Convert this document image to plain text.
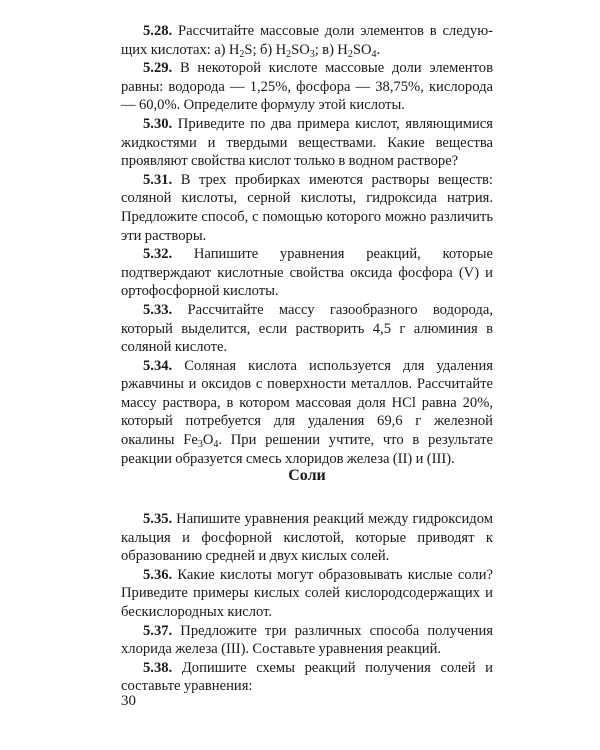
5.28. Рассчитайте массовые доли элементов в следую-щих кислотах: а) $H_2S$; б) $H_2SO_3$; в) $H_2SO_4$.

5.29. В некоторой кислоте массовые доли элементов равны: водорода — 1,25%, фосфора — 38,75%, кислорода — 60,0%. Определите формулу этой кислоты.

5.30. Приведите по два примера кислот, являющимися жидкостями и твердыми веществами. Какие вещества проявляют свойства кислот только в водном растворе?

5.31. В трех пробирках имеются растворы веществ: соляной кислоты, серной кислоты, гидроксида натрия. Предложите способ, с помощью которого можно различить эти растворы.

5.32. Напишите уравнения реакций, которые подтверждают кислотные свойства оксида фосфора (V) и ортофосфорной кислоты.

5.33. Рассчитайте массу газообразного водорода, который выделится, если растворить 4,5 г алюминия в соляной кислоте.

5.34. Соляная кислота используется для удаления ржавчины и оксидов с поверхности металлов. Рассчитайте массу раствора, в котором массовая доля HCl равна 20%, который потребуется для удаления 69,6 г железной окалины $Fe_3O_4$. При решении учтите, что в результате реакции образуется смесь хлоридов железа (II) и (III).

Соли

5.35. Напишите уравнения реакций между гидроксидом кальция и фосфорной кислотой, которые приводят к образованию средней и двух кислых солей.

5.36. Какие кислоты могут образовывать кислые соли? Приведите примеры кислых солей кислородсодержащих и бескислородных кислот.

5.37. Предложите три различных способа получения хлорида железа (III). Составьте уравнения реакций.

5.38. Допишите схемы реакций получения солей и составьте уравнения:

30
